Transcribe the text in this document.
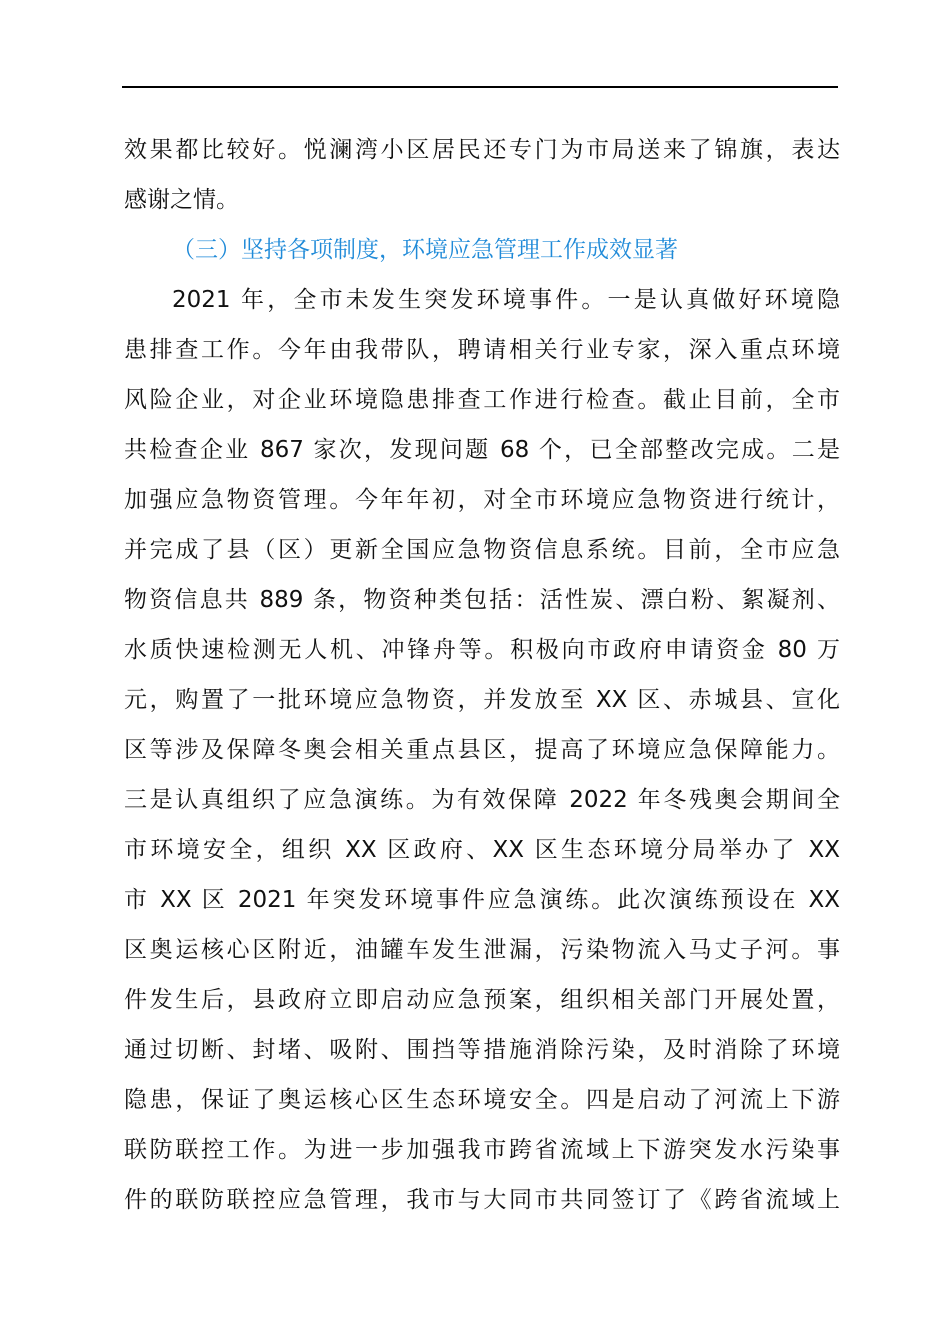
效果都比较好。悦澜湾小区居民还专门为市局送来了锦旗，表达
感谢之情。
（三）坚持各项制度，环境应急管理工作成效显著
2021 年，全市未发生突发环境事件。一是认真做好环境隐
患排查工作。今年由我带队，聘请相关行业专家，深入重点环境
风险企业，对企业环境隐患排查工作进行检查。截止目前，全市
共检查企业 867 家次，发现问题 68 个，已全部整改完成。二是
加强应急物资管理。今年年初，对全市环境应急物资进行统计，
并完成了县（区）更新全国应急物资信息系统。目前，全市应急
物资信息共 889 条，物资种类包括：活性炭、漂白粉、絮凝剂、
水质快速检测无人机、冲锋舟等。积极向市政府申请资金 80 万
元，购置了一批环境应急物资，并发放至 XX 区、赤城县、宣化
区等涉及保障冬奥会相关重点县区，提高了环境应急保障能力。
三是认真组织了应急演练。为有效保障 2022 年冬残奥会期间全
市环境安全，组织 XX 区政府、XX 区生态环境分局举办了 XX
市 XX 区 2021 年突发环境事件应急演练。此次演练预设在 XX
区奥运核心区附近，油罐车发生泄漏，污染物流入马丈子河。事
件发生后，县政府立即启动应急预案，组织相关部门开展处置，
通过切断、封堵、吸附、围挡等措施消除污染，及时消除了环境
隐患，保证了奥运核心区生态环境安全。四是启动了河流上下游
联防联控工作。为进一步加强我市跨省流域上下游突发水污染事
件的联防联控应急管理，我市与大同市共同签订了《跨省流域上
